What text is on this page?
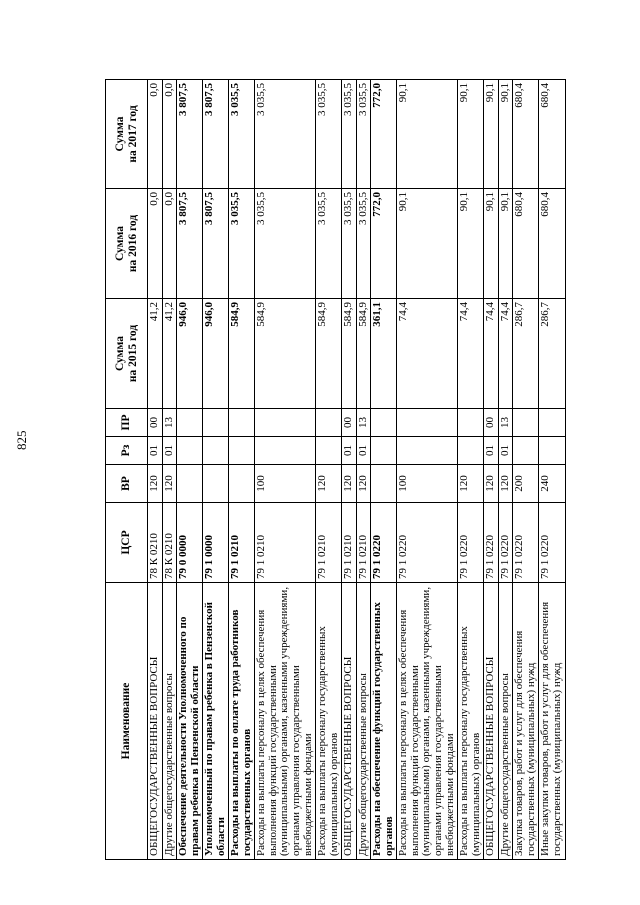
825
Наименование	ЦСР	ВР	Рз	ПР	Сумма на 2015 год	Сумма на 2016 год	Сумма на 2017 год

ОБЩЕГОСУДАРСТВЕННЫЕ ВОПРОСЫ	78 К 0210	120	01	00	41,2	0,0	0,0
Другие общегосударственные вопросы	78 К 0210	120	01	13	41,2	0,0	0,0
Обеспечение деятельности Уполномоченного по правам ребенка в Пензенской области	79 0 0000				946,0	3 807,5	3 807,5
Уполномоченный по правам ребенка в Пензенской области	79 1 0000				946,0	3 807,5	3 807,5
Расходы на выплаты по оплате труда работников государственных органов	79 1 0210				584,9	3 035,5	3 035,5
Расходы на выплаты персоналу в целях обеспечения выполнения функций государственными (муниципальными) органами, казенными учреждениями, органами управления государственными внебюджетными фондами	79 1 0210	100			584,9	3 035,5	3 035,5
Расходы на выплаты персоналу государственных (муниципальных) органов	79 1 0210	120			584,9	3 035,5	3 035,5
ОБЩЕГОСУДАРСТВЕННЫЕ ВОПРОСЫ	79 1 0210	120	01	00	584,9	3 035,5	3 035,5
Другие общегосударственные вопросы	79 1 0210	120	01	13	584,9	3 035,5	3 035,5
Расходы на обеспечение функций государственных органов	79 1 0220				361,1	772,0	772,0
Расходы на выплаты персоналу в целях обеспечения выполнения функций государственными (муниципальными) органами, казенными учреждениями, органами управления государственными внебюджетными фондами	79 1 0220	100			74,4	90,1	90,1
Расходы на выплаты персоналу государственных (муниципальных) органов	79 1 0220	120			74,4	90,1	90,1
ОБЩЕГОСУДАРСТВЕННЫЕ ВОПРОСЫ	79 1 0220	120	01	00	74,4	90,1	90,1
Другие общегосударственные вопросы	79 1 0220	120	01	13	74,4	90,1	90,1
Закупка товаров, работ и услуг для обеспечения государственных (муниципальных) нужд	79 1 0220	200			286,7	680,4	680,4
Иные закупки товаров, работ и услуг для обеспечения государственных (муниципальных) нужд	79 1 0220	240			286,7	680,4	680,4
